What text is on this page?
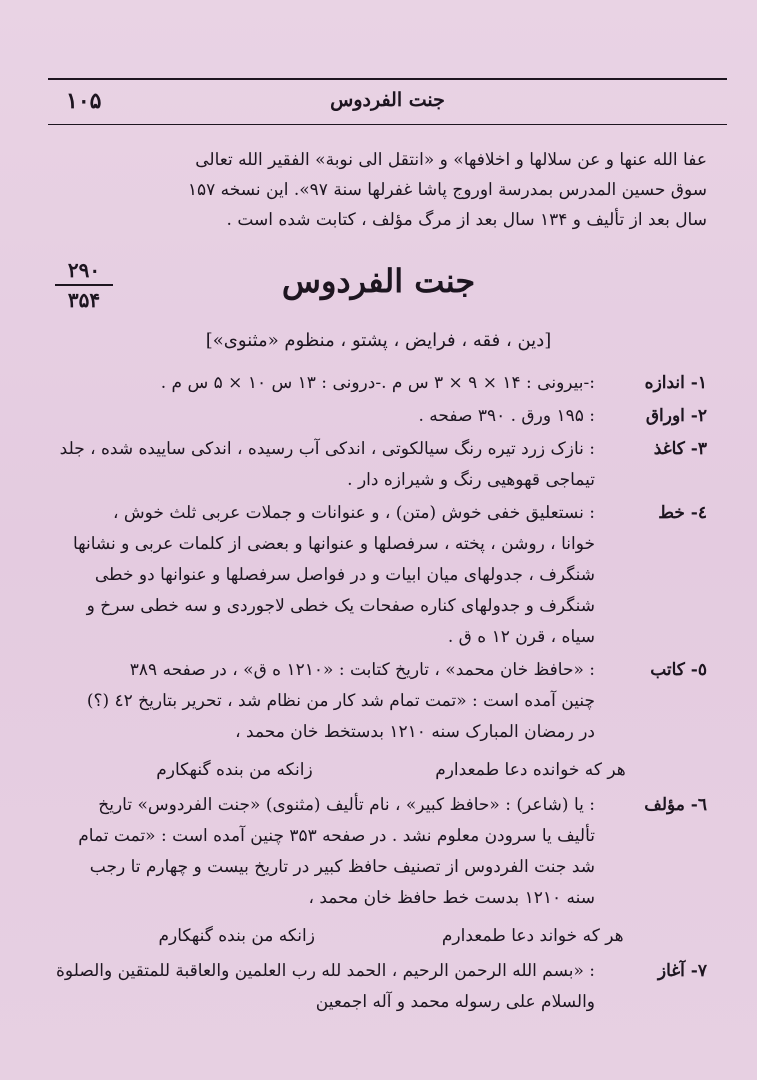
۱۰۵	جنت الفردوس

عفا الله عنها و عن سلالها و اخلافها» و «انتقل الی نوبة» الفقیر الله تعالی

سوق حسین المدرس بمدرسة اوروج پاشا غفرلها سنة ۹۷». این نسخه ۱۵۷

سال بعد از تألیف و ۱۳۴ سال بعد از مرگ مؤلف ، کتابت شده است .

۲۹۰
۳۵۴	جنت الفردوس
[دین ، فقه ، فرایض ، پشتو ، منظوم «مثنوی»]
۱- اندازه

:-بیرونی : ۱۴ × ۹ × ۳ س م .-درونی : ۱۳ س ۱۰ × ۵ س م .

۲- اوراق

: ۱۹۵ ورق . ۳۹۰ صفحه .

۳- کاغذ

: نازک زرد تیره رنگ سیالکوتی ، اندکی آب رسیده ، اندکی ساییده شده ، جلد

تیماجی قهوهیی رنگ و شیرازه دار .

٤- خط

: نستعلیق خفی خوش (متن) ، و عنوانات و جملات عربی ثلث خوش ،

خوانا ، روشن ، پخته ، سرفصلها و عنوانها و بعضی از کلمات عربی و نشانها

شنگرف ، جدولهای میان ابیات و در فواصل سرفصلها و عنوانها دو خطی

شنگرف و جدولهای کناره صفحات یک خطی لاجوردی و سه خطی سرخ و

سیاه ، قرن ۱۲ ه ق .

٥- کاتب

: «حافظ خان محمد» ، تاریخ کتابت : «۱۲۱۰ ه ق» ، در صفحه ۳۸۹

چنین آمده است : «تمت تمام شد کار من نظام شد ، تحریر بتاریخ ٤٢ (؟)

در رمضان المبارک سنه ۱۲۱۰ بدستخط خان محمد ،

هر که خوانده دعا طمعدارم
زانکه من بنده گنهکارم
٦- مؤلف

: یا (شاعر) : «حافظ کبیر» ، نام تألیف (مثنوی) «جنت الفردوس» تاریخ

تألیف یا سرودن معلوم نشد . در صفحه ۳۵۳ چنین آمده است : «تمت تمام

شد جنت الفردوس از تصنیف حافظ کبیر در تاریخ بیست و چهارم تا رجب

سنه ۱۲۱۰ بدست خط حافظ خان محمد ،

هر که خواند دعا طمعدارم
زانکه من بنده گنهکارم
۷- آغاز

: «بسم الله الرحمن الرحیم ، الحمد لله رب العلمین والعاقبة للمتقین والصلوة

والسلام علی رسوله محمد و آله اجمعین
